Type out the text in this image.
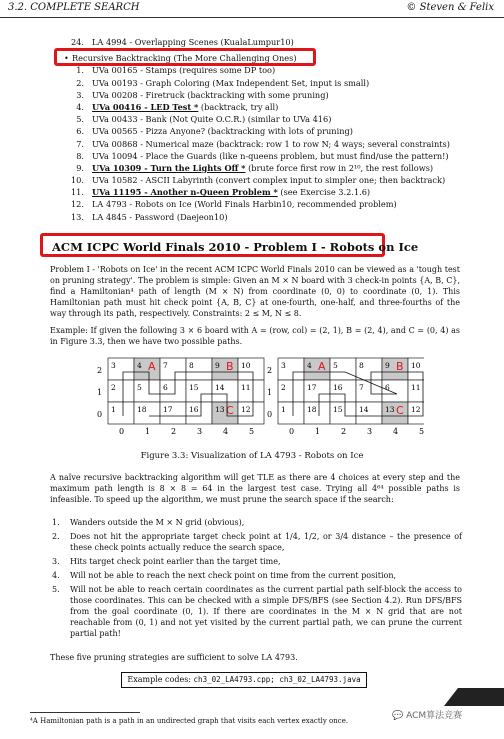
3.2. COMPLETE SEARCH	© Steven & Felix
24. LA 4994 - Overlapping Scenes (KualaLumpur10)
• Recursive Backtracking (The More Challenging Ones)
1. UVa 00165 - Stamps (requires some DP too)
2. UVa 00193 - Graph Coloring (Max Independent Set, input is small)
3. UVa 00208 - Firetruck (backtracking with some pruning)
4. UVa 00416 - LED Test * (backtrack, try all)
5. UVa 00433 - Bank (Not Quite O.C.R.) (similar to UVa 416)
6. UVa 00565 - Pizza Anyone? (backtracking with lots of pruning)
7. UVa 00868 - Numerical maze (backtrack: row 1 to row N; 4 ways; several constraints)
8. UVa 10094 - Place the Guards (like n-queens problem, but must find/use the pattern!)
9. UVa 10309 - Turn the Lights Off * (brute force first row in 2¹⁰, the rest follows)
10. UVa 10582 - ASCII Labyrinth (convert complex input to simpler one; then backtrack)
11. UVa 11195 - Another n-Queen Problem * (see Exercise 3.2.1.6)
12. LA 4793 - Robots on Ice (World Finals Harbin10, recommended problem)
13. LA 4845 - Password (Daejeon10)
ACM ICPC World Finals 2010 - Problem I - Robots on Ice
Problem I - 'Robots on Ice' in the recent ACM ICPC World Finals 2010 can be viewed as a 'tough test on pruning strategy'. The problem is simple: Given an M × N board with 3 check-in points {A, B, C}, find a Hamiltonian⁴ path of length (M × N) from coordinate (0, 0) to coordinate (0, 1). This Hamiltonian path must hit check point {A, B, C} at one-fourth, one-half, and three-fourths of the way through its path, respectively. Constraints: 2 ≤ M, N ≤ 8.
Example: If given the following 3 × 6 board with A = (row, col) = (2, 1), B = (2, 4), and C = (0, 4) as in Figure 3.3, then we have two possible paths.
2
1
0
3	4 A 7	8	9 B 10
2	5	6	15 14 11
1	18 17 16 13 C 12
0	1	2	3	4	5
2
1
0
3	4 A 5	8	9 B 10
2	17 16 7	6	11
1	18 15 14 13 C 12
0	1	2	3	4	5
Figure 3.3: Visualization of LA 4793 - Robots on Ice
A naïve recursive backtracking algorithm will get TLE as there are 4 choices at every step and the maximum path length is 8 × 8 = 64 in the largest test case. Trying all 4⁶⁴ possible paths is infeasible. To speed up the algorithm, we must prune the search space if the search:
1. Wanders outside the M × N grid (obvious),
2. Does not hit the appropriate target check point at 1/4, 1/2, or 3/4 distance – the presence of these check points actually reduce the search space,
3. Hits target check point earlier than the target time,
4. Will not be able to reach the next check point on time from the current position,
5. Will not be able to reach certain coordinates as the current partial path self-block the access to those coordinates. This can be checked with a simple DFS/BFS (see Section 4.2). Run DFS/BFS from the goal coordinate (0, 1). If there are coordinates in the M × N grid that are not reachable from (0, 1) and not yet visited by the current partial path, we can prune the current partial path!
These five pruning strategies are sufficient to solve LA 4793.
Example codes: ch3_02_LA4793.cpp; ch3_02_LA4793.java
⁴A Hamiltonian path is a path in an undirected graph that visits each vertex exactly once.	💬 ACM算法竞赛
